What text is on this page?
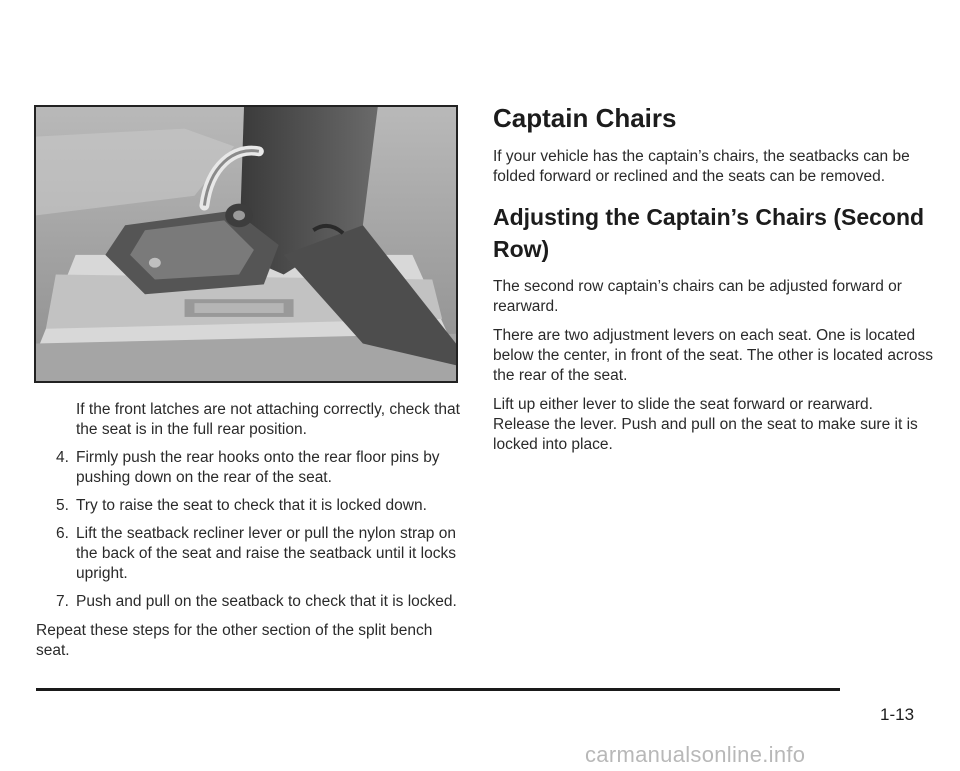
If the front latches are not attaching correctly, check that the seat is in the full rear position.

4. Firmly push the rear hooks onto the rear floor pins by pushing down on the rear of the seat.

5. Try to raise the seat to check that it is locked down.

6. Lift the seatback recliner lever or pull the nylon strap on the back of the seat and raise the seatback until it locks upright.

7. Push and pull on the seatback to check that it is locked.

Repeat these steps for the other section of the split bench seat.

Captain Chairs

If your vehicle has the captain’s chairs, the seatbacks can be folded forward or reclined and the seats can be removed.

Adjusting the Captain’s Chairs (Second Row)

The second row captain’s chairs can be adjusted forward or rearward.

There are two adjustment levers on each seat. One is located below the center, in front of the seat. The other is located across the rear of the seat.

Lift up either lever to slide the seat forward or rearward. Release the lever. Push and pull on the seat to make sure it is locked into place.

1-13
carmanualsonline.info
